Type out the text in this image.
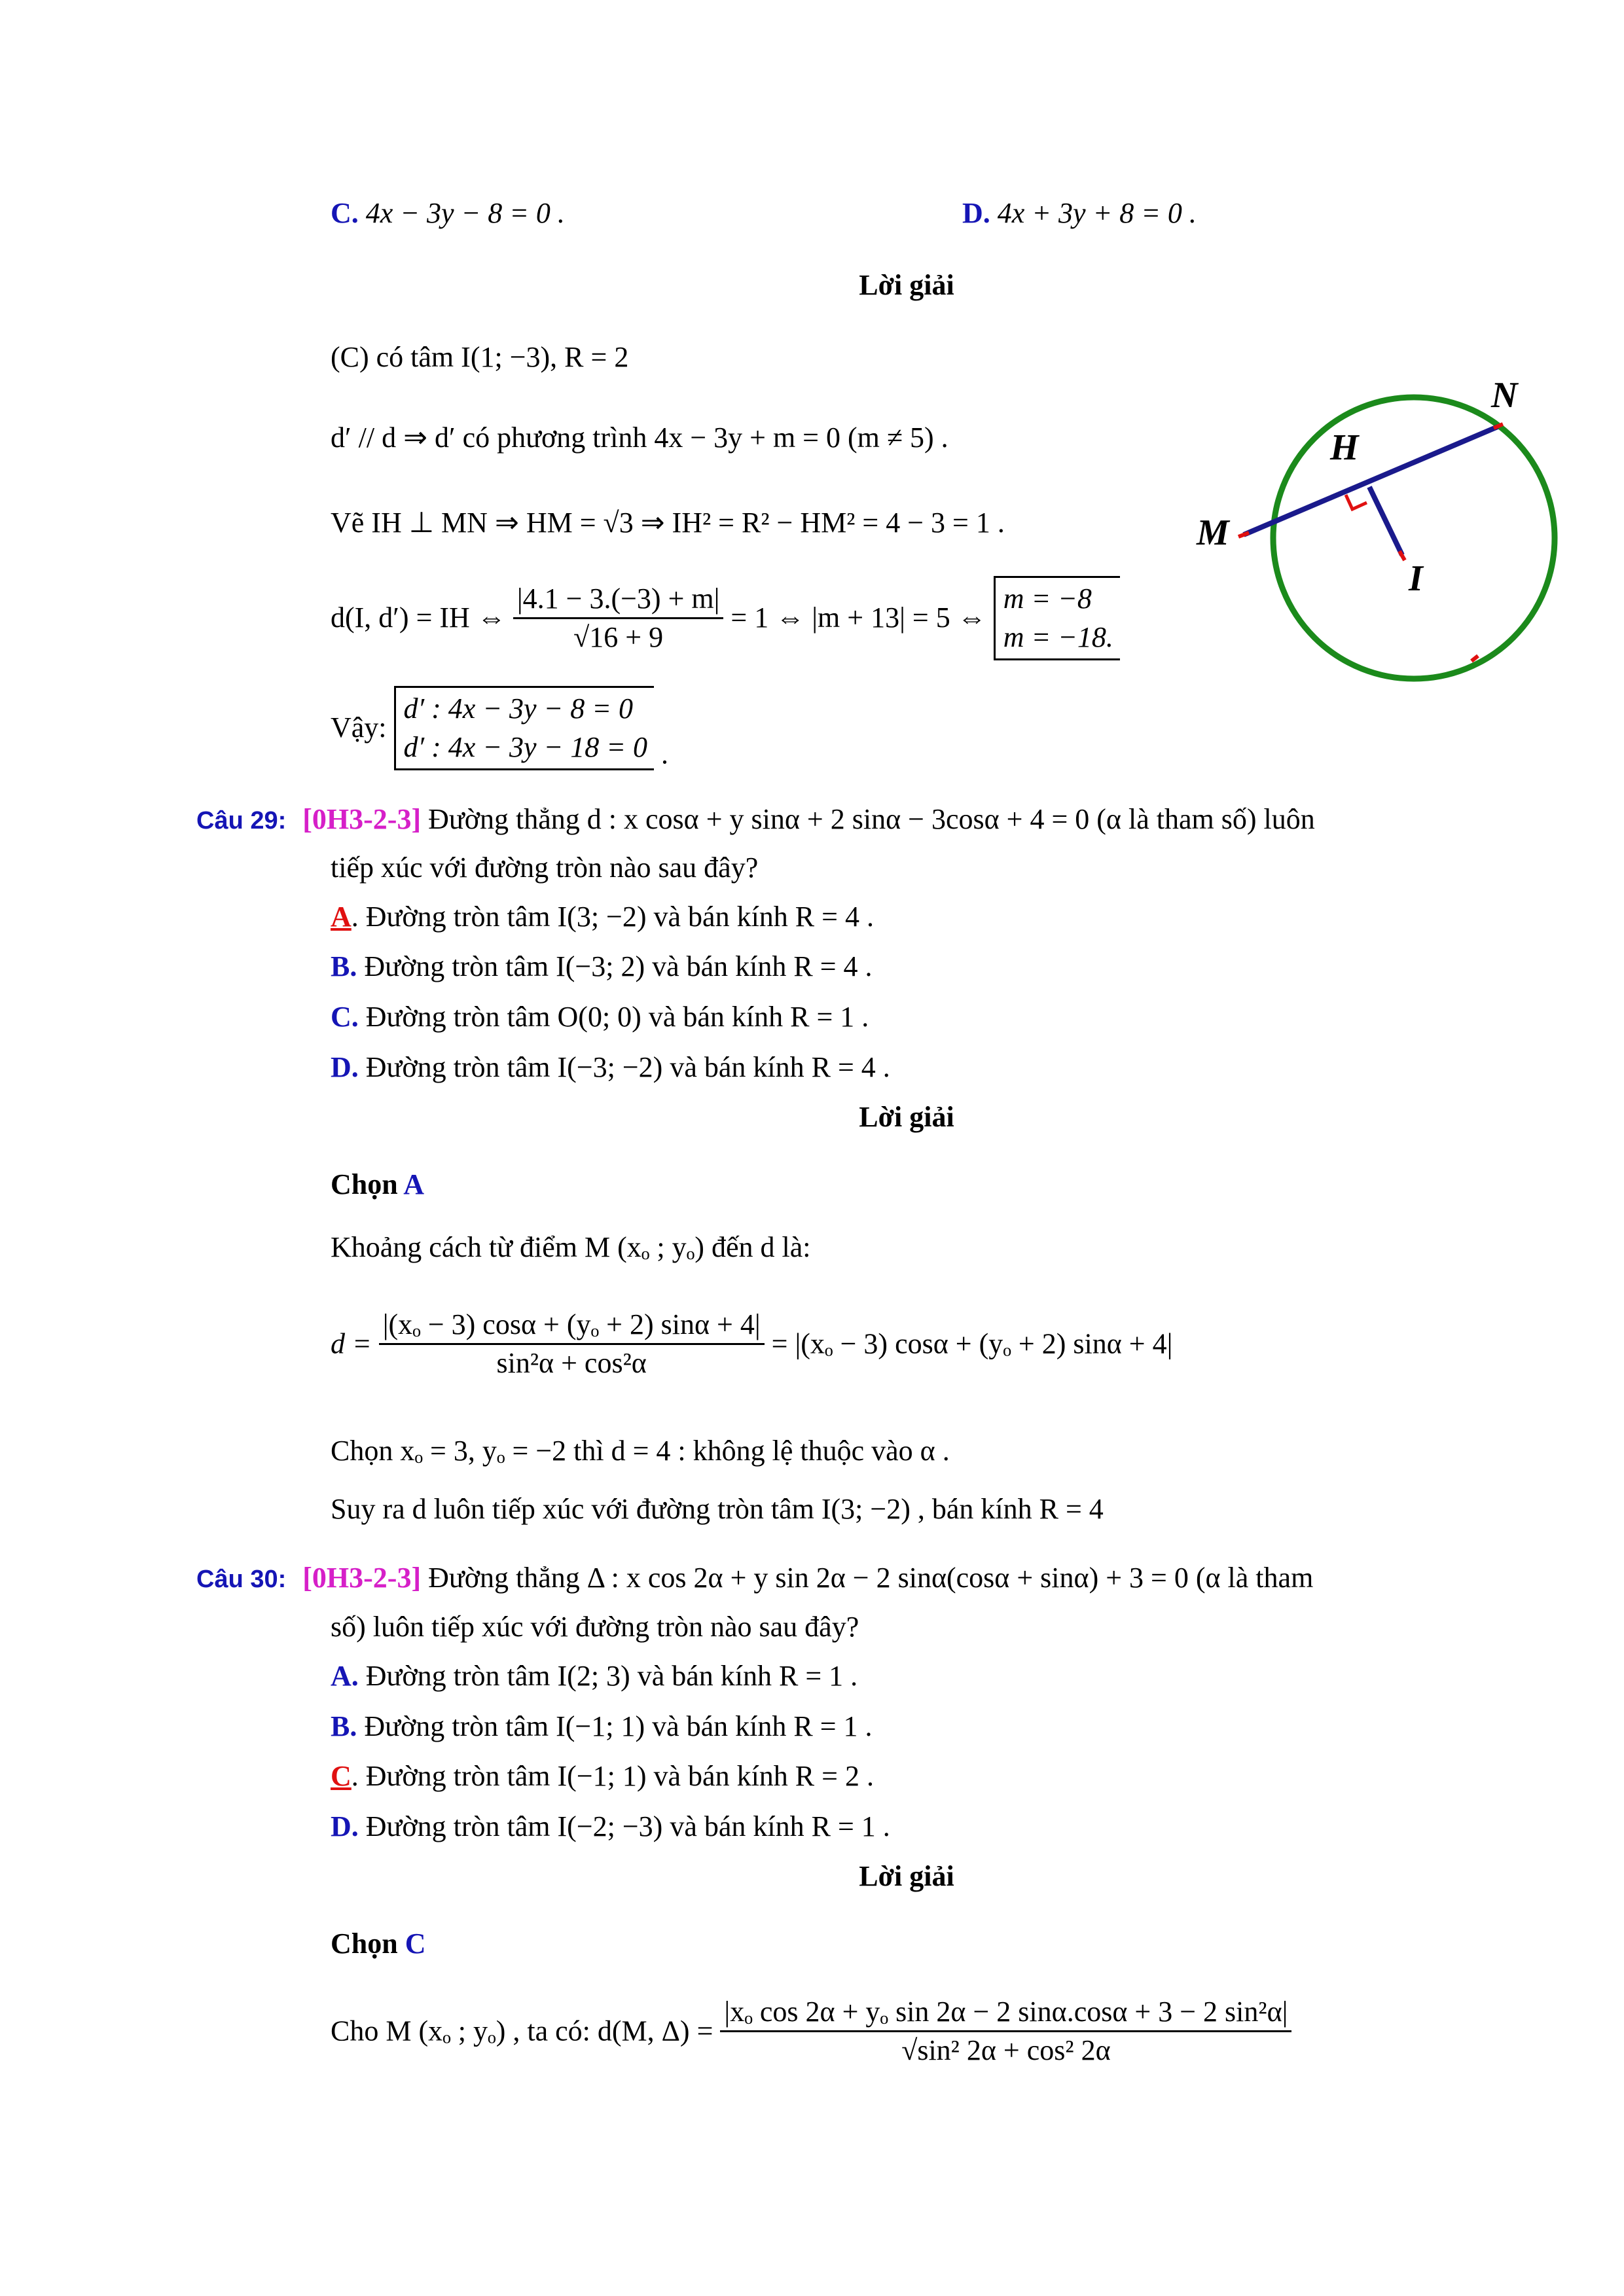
C. 4x − 3y − 8 = 0 .	D. 4x + 3y + 8 = 0 .
Lời giải
(C) có tâm I(1; −3), R = 2
d′ // d ⇒ d′ có phương trình 4x − 3y + m = 0 (m ≠ 5) .
Vẽ IH ⊥ MN ⇒ HM = √3 ⇒ IH² = R² − HM² = 4 − 3 = 1 .
d(I, d′) = IH ⇔ $\frac{|4.1 - 3.(-3) + m|}{√16 + 9} = 1$ ⇔ |m + 13| = 5 ⇔
m = −8
m = −18.
Vậy:
d′ : 4x − 3y − 8 = 0
d′ : 4x − 3y − 18 = 0 .
N
H
M
I
Câu 29: [0H3-2-3] Đường thẳng d : x cosα + y sinα + 2 sinα − 3cosα + 4 = 0 (α là tham số) luôn
tiếp xúc với đường tròn nào sau đây?
A. Đường tròn tâm I(3; −2) và bán kính R = 4 .
B. Đường tròn tâm I(−3; 2) và bán kính R = 4 .
C. Đường tròn tâm O(0; 0) và bán kính R = 1 .
D. Đường tròn tâm I(−3; −2) và bán kính R = 4 .
Lời giải
Chọn A
Khoảng cách từ điểm M (xₒ ; yₒ) đến d là:
$d = \frac{\text{|(xₒ − 3) cosα + (yₒ + 2) sinα + 4|}}{\text{sin²α + cos²α}} = |(x_o - 3) \cos\alpha + (y_o + 2) \sin\alpha + 4|$
Chọn xₒ = 3, yₒ = −2 thì d = 4 : không lệ thuộc vào α .
Suy ra d luôn tiếp xúc với đường tròn tâm I(3; −2) , bán kính R = 4
Câu 30: [0H3-2-3] Đường thẳng Δ : x cos 2α + y sin 2α − 2 sinα(cosα + sinα) + 3 = 0 (α là tham
số) luôn tiếp xúc với đường tròn nào sau đây?
A. Đường tròn tâm I(2; 3) và bán kính R = 1 .
B. Đường tròn tâm I(−1; 1) và bán kính R = 1 .
C. Đường tròn tâm I(−1; 1) và bán kính R = 2 .
D. Đường tròn tâm I(−2; −3) và bán kính R = 1 .
Lời giải
Chọn C
Cho M (xₒ ; yₒ) , ta có: d(M, $\Delta) = \frac{\text{|xₒ cos 2α + yₒ sin 2α − 2 sinα.cosα + 3 − 2 sin²α|}}{\text{√sin² 2α + cos² 2α}}$
